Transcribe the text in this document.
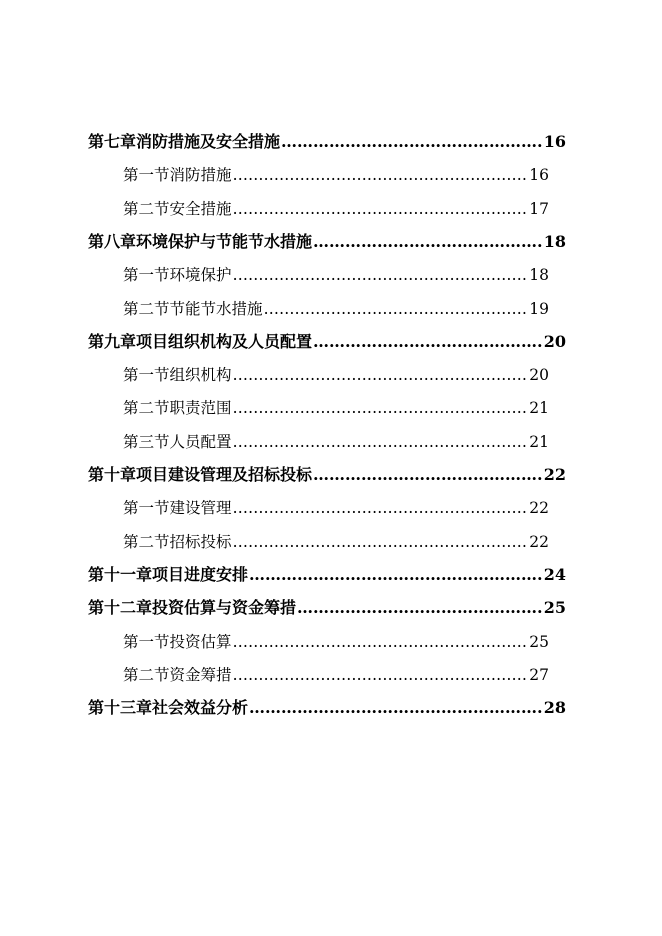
第七章 消防措施及安全措施 …………………………………………………………………………………………………………………………………………………………	16
第一节 消防措施 …………………………………………………………………………………………………………………………………………………………	16
第二节 安全措施 …………………………………………………………………………………………………………………………………………………………	17
第八章 环境保护与节能节水措施 …………………………………………………………………………………………………………………………………………………………	18
第一节 环境保护 …………………………………………………………………………………………………………………………………………………………	18
第二节 节能节水措施 …………………………………………………………………………………………………………………………………………………………	19
第九章 项目组织机构及人员配置 …………………………………………………………………………………………………………………………………………………………	20
第一节 组织机构 …………………………………………………………………………………………………………………………………………………………	20
第二节 职责范围 …………………………………………………………………………………………………………………………………………………………	21
第三节 人员配置 …………………………………………………………………………………………………………………………………………………………	21
第十章 项目建设管理及招标投标 …………………………………………………………………………………………………………………………………………………………	22
第一节 建设管理 …………………………………………………………………………………………………………………………………………………………	22
第二节 招标投标 …………………………………………………………………………………………………………………………………………………………	22
第十一章 项目进度安排 …………………………………………………………………………………………………………………………………………………………	24
第十二章 投资估算与资金筹措 …………………………………………………………………………………………………………………………………………………………	25
第一节 投资估算 …………………………………………………………………………………………………………………………………………………………	25
第二节 资金筹措 …………………………………………………………………………………………………………………………………………………………	27
第十三章 社会效益分析 …………………………………………………………………………………………………………………………………………………………	28
